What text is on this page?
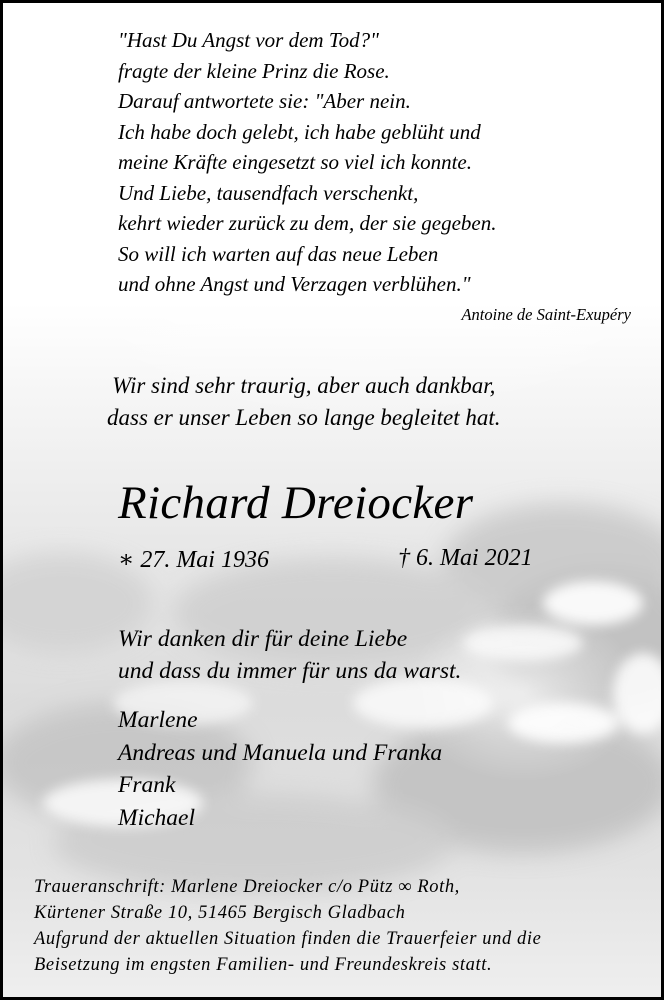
"Hast Du Angst vor dem Tod?"
fragte der kleine Prinz die Rose.
Darauf antwortete sie: "Aber nein.
Ich habe doch gelebt, ich habe geblüht und
meine Kräfte eingesetzt so viel ich konnte.
Und Liebe, tausendfach verschenkt,
kehrt wieder zurück zu dem, der sie gegeben.
So will ich warten auf das neue Leben
und ohne Angst und Verzagen verblühen."
Antoine de Saint-Exupéry
Wir sind sehr traurig, aber auch dankbar,
dass er unser Leben so lange begleitet hat.
Richard Dreiocker
∗ 27. Mai 1936	† 6. Mai 2021
Wir danken dir für deine Liebe
und dass du immer für uns da warst.
Marlene
Andreas und Manuela und Franka
Frank
Michael
Traueranschrift: Marlene Dreiocker c/o Pütz ∞ Roth,
Kürtener Straße 10, 51465 Bergisch Gladbach
Aufgrund der aktuellen Situation finden die Trauerfeier und die
Beisetzung im engsten Familien- und Freundeskreis statt.
